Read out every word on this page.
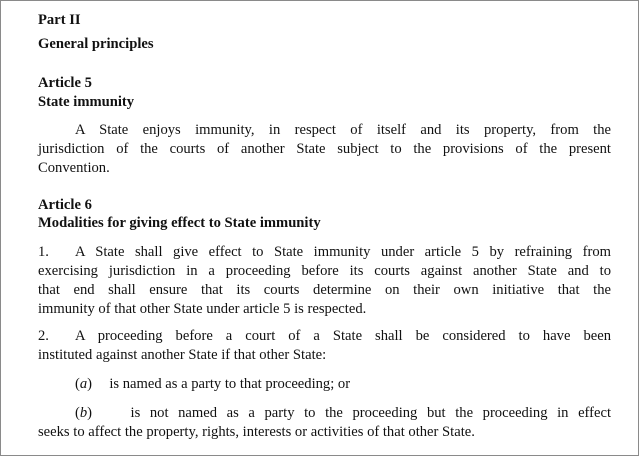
Part II
General principles
Article 5
State immunity
A State enjoys immunity, in respect of itself and its property, from the
jurisdiction of the courts of another State subject to the provisions of the present
Convention.
Article 6
Modalities for giving effect to State immunity
1.	A State shall give effect to State immunity under article 5 by refraining from
exercising jurisdiction in a proceeding before its courts against another State and to
that end shall ensure that its courts determine on their own initiative that the
immunity of that other State under article 5 is respected.
2.	A proceeding before a court of a State shall be considered to have been
instituted against another State if that other State:
(a) is named as a party to that proceeding; or
(b)	is not named as a party to the proceeding but the proceeding in effect
seeks to affect the property, rights, interests or activities of that other State.
